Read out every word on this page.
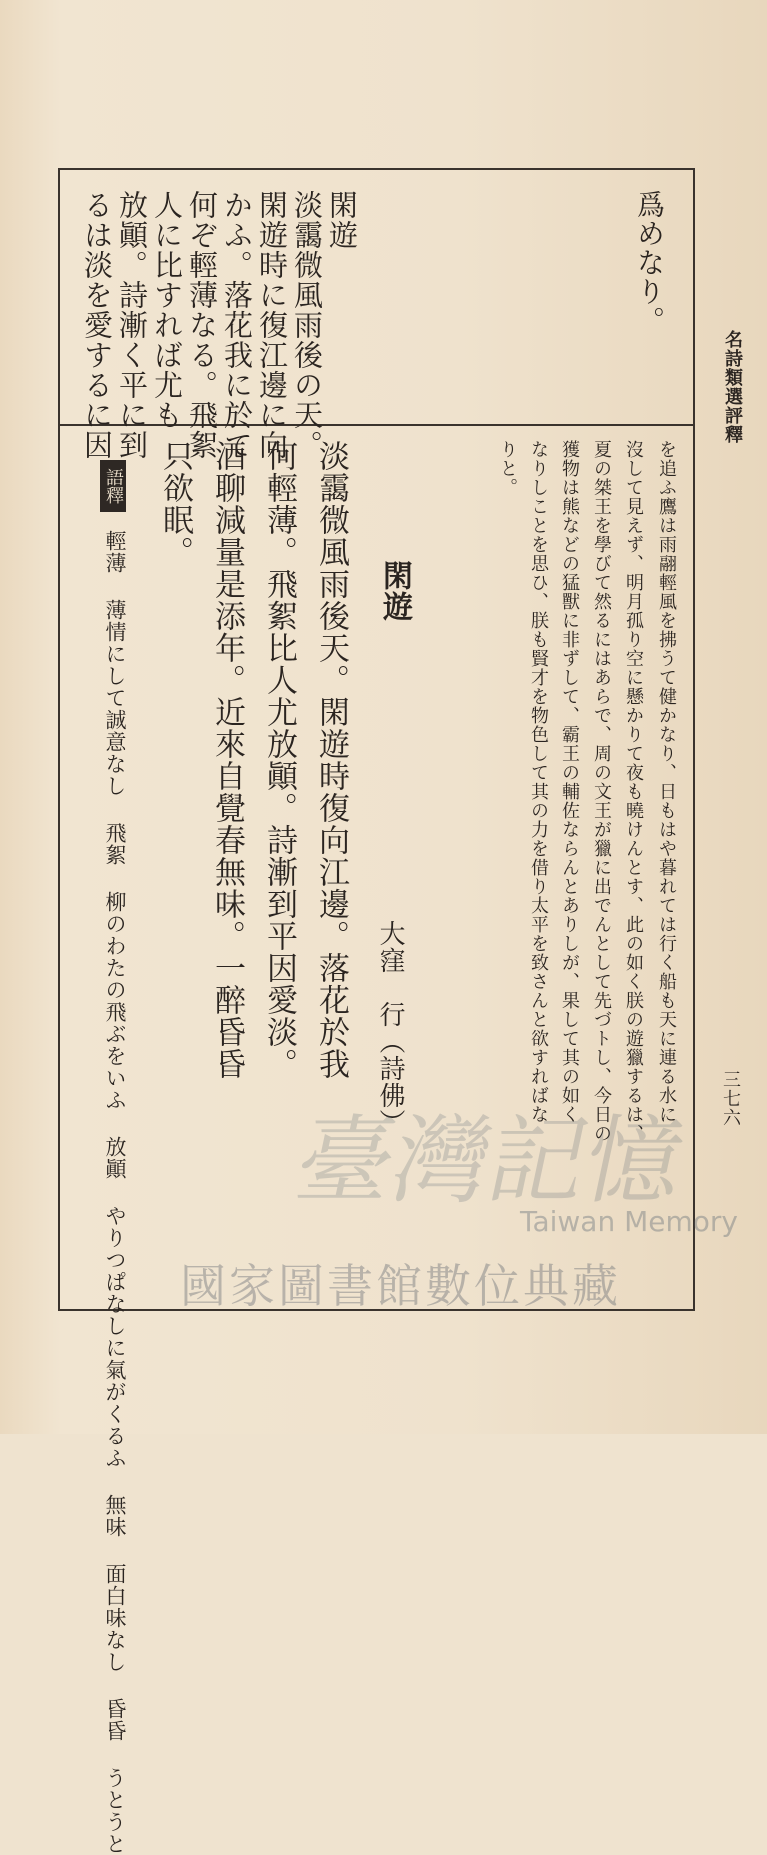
名詩類選評釋
三七六
爲めなり。
るは淡を愛するに因 放顚。詩漸く平に到 人に比すれば尤も 何ぞ輕薄なる。飛絮 かふ。落花我に於て 閑遊時に復江邊に向 淡靄微風雨後の天。 閑遊
を追ふ鷹は雨翮輕風を拂うて健かなり、日もはや暮れては行く船も天に連る水に
沒して見えず、明月孤り空に懸かりて夜も曉けんとす、此の如く朕の遊獵するは、
夏の桀王を學びて然るにはあらで、周の文王が獵に出でんとして先づトし、今日の
獲物は熊などの猛獸に非ずして、霸王の輔佐ならんとありしが、果して其の如く
なりしことを思ひ、朕も賢才を物色して其の力を借り太平を致さんと欲すればな
りと。
閑遊
大窪　行（詩佛）
淡靄微風雨後天。閑遊時復向江邊。落花於我
何輕薄。飛絮比人尤放顚。詩漸到平因愛淡。
酒聊減量是添年。近來自覺春無味。一醉昏昏
只欲眠。
語釋
輕薄 薄情にして誠意なし 飛絮 柳のわたの飛ぶをいふ 放顚 やりつぱなしに氣がくるふ 無味 面白味なし 昏昏 うとうと 臺灣記憶
Taiwan Memory
國家圖書館數位典藏
